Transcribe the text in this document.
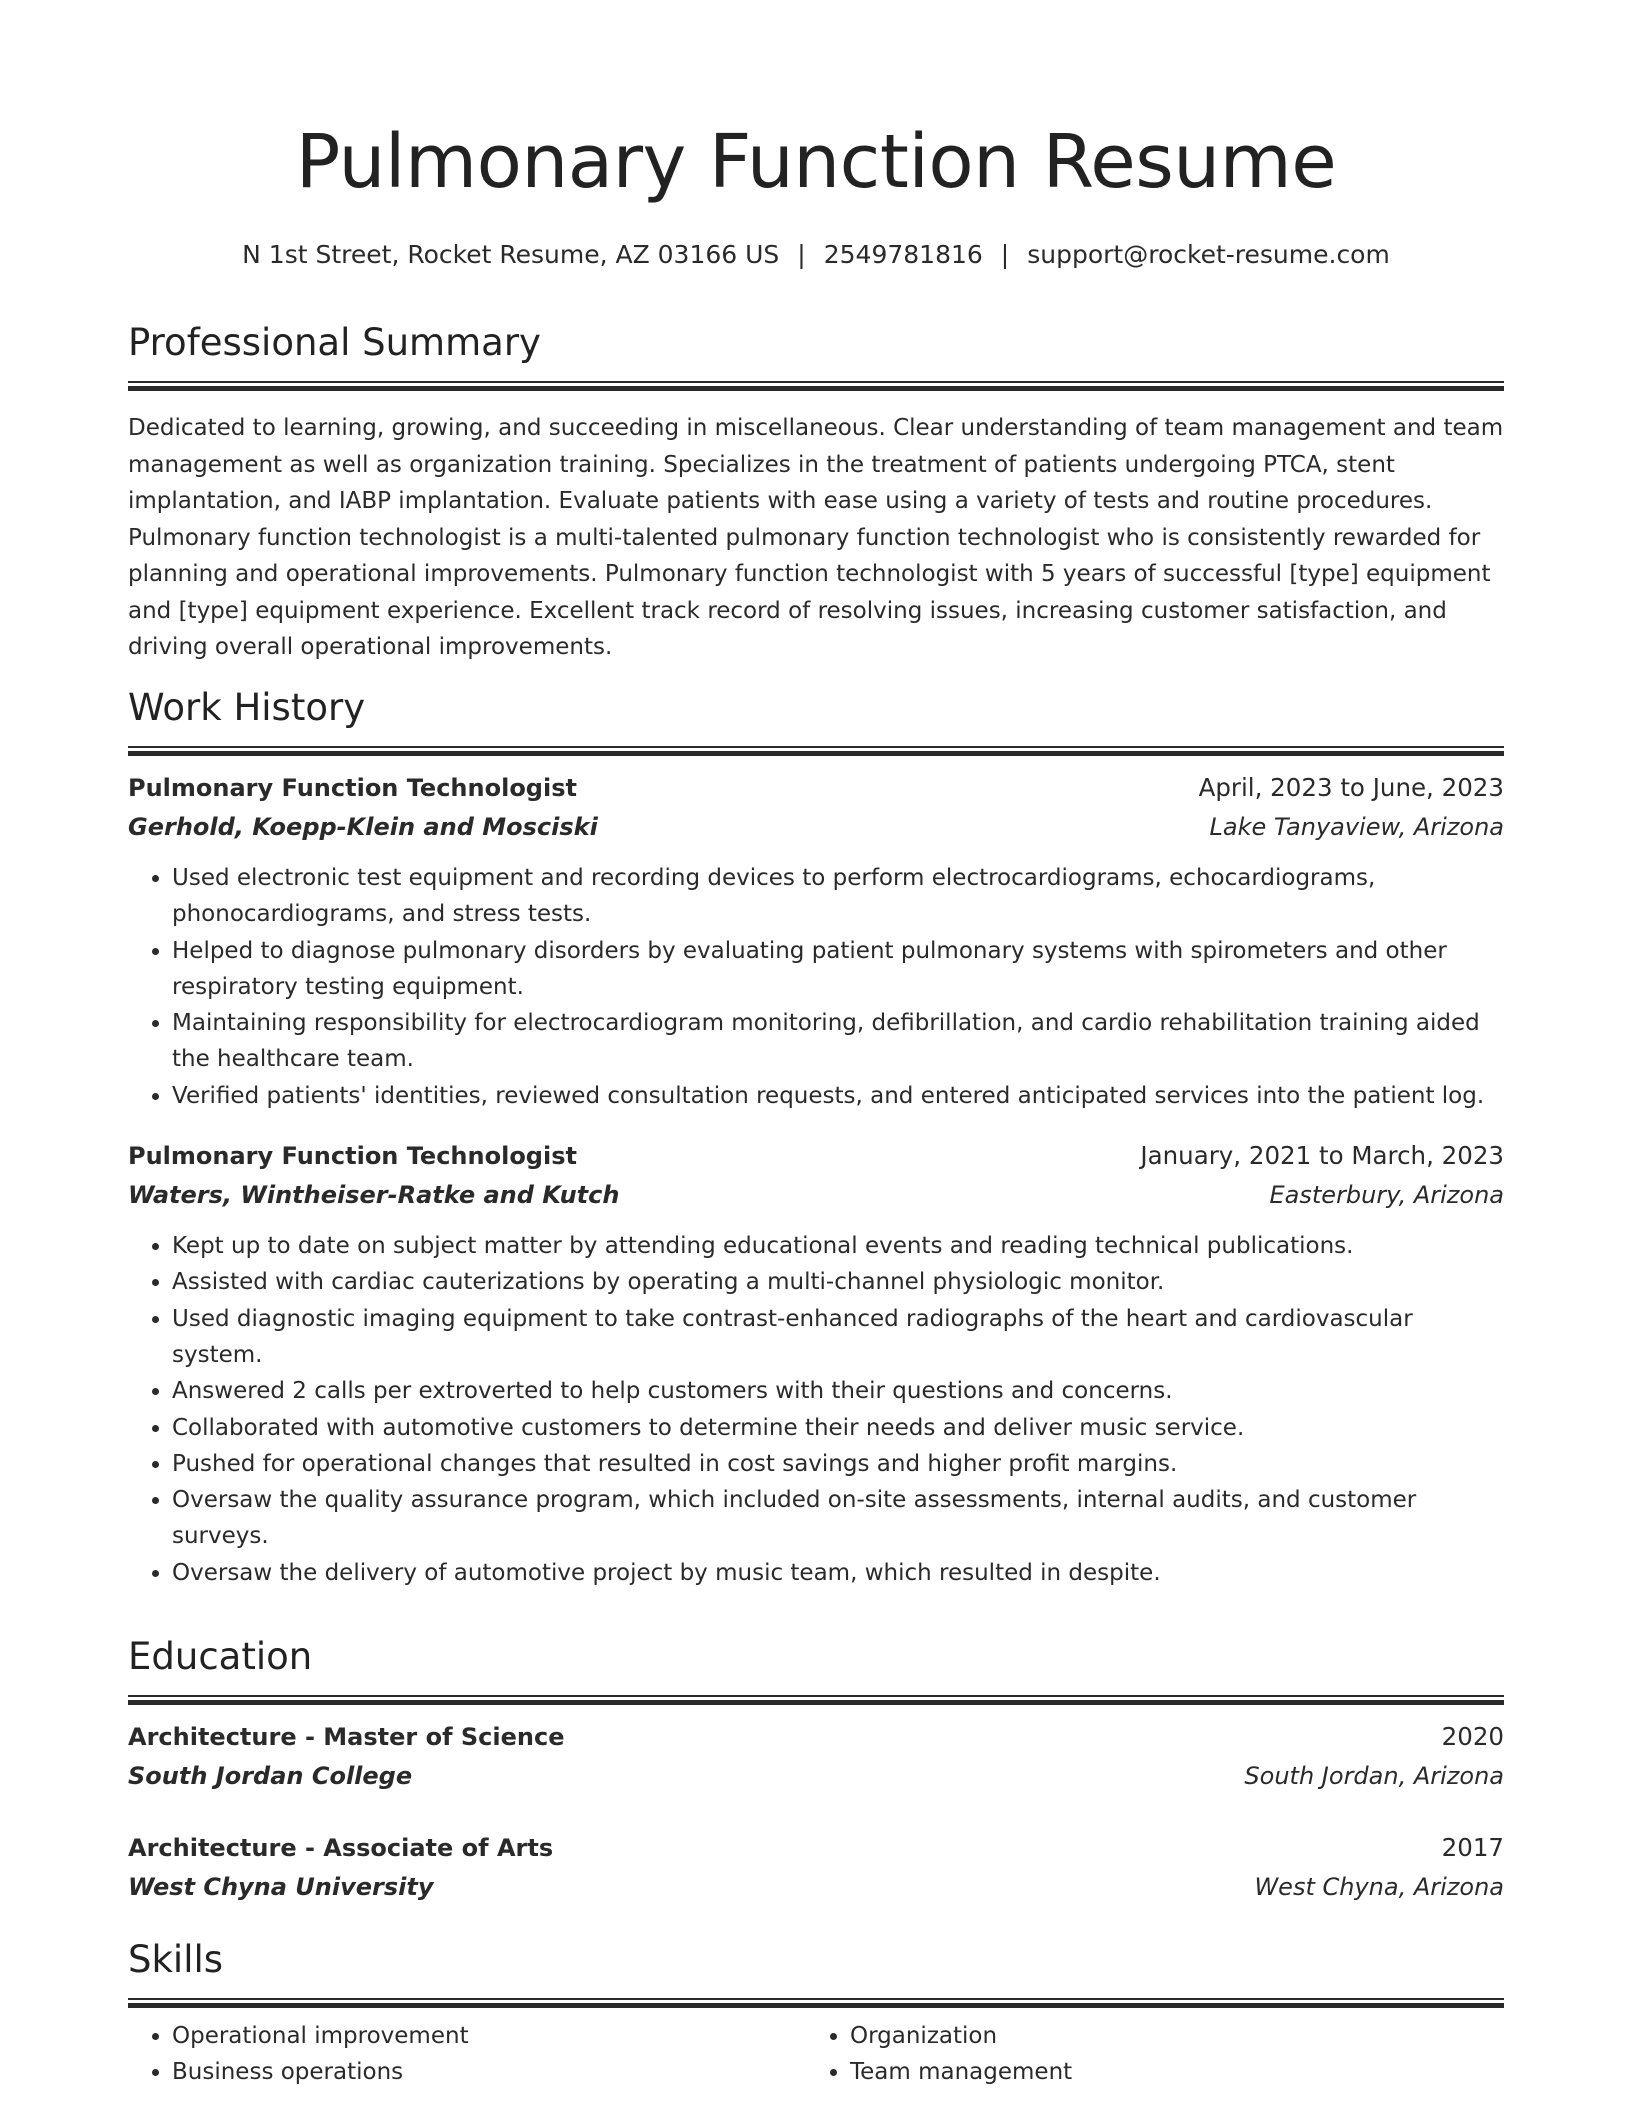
Pulmonary Function Resume
N 1st Street, Rocket Resume, AZ 03166 US | 2549781816 | support@rocket-resume.com
Professional Summary

Dedicated to learning, growing, and succeeding in miscellaneous. Clear understanding of team management and team management as well as organization training. Specializes in the treatment of patients undergoing PTCA, stent implantation, and IABP implantation. Evaluate patients with ease using a variety of tests and routine procedures. Pulmonary function technologist is a multi-talented pulmonary function technologist who is consistently rewarded for planning and operational improvements. Pulmonary function technologist with 5 years of successful [type] equipment and [type] equipment experience. Excellent track record of resolving issues, increasing customer satisfaction, and driving overall operational improvements.

Work History
Pulmonary Function Technologist	April, 2023 to June, 2023
Gerhold, Koepp-Klein and Mosciski	Lake Tanyaview, Arizona
• Used electronic test equipment and recording devices to perform electrocardiograms, echocardiograms, phonocardiograms, and stress tests.
• Helped to diagnose pulmonary disorders by evaluating patient pulmonary systems with spirometers and other respiratory testing equipment.
• Maintaining responsibility for electrocardiogram monitoring, defibrillation, and cardio rehabilitation training aided the healthcare team.
• Verified patients' identities, reviewed consultation requests, and entered anticipated services into the patient log.
Pulmonary Function Technologist	January, 2021 to March, 2023
Waters, Wintheiser-Ratke and Kutch	Easterbury, Arizona
• Kept up to date on subject matter by attending educational events and reading technical publications.
• Assisted with cardiac cauterizations by operating a multi-channel physiologic monitor.
• Used diagnostic imaging equipment to take contrast-enhanced radiographs of the heart and cardiovascular system.
• Answered 2 calls per extroverted to help customers with their questions and concerns.
• Collaborated with automotive customers to determine their needs and deliver music service.
• Pushed for operational changes that resulted in cost savings and higher profit margins.
• Oversaw the quality assurance program, which included on-site assessments, internal audits, and customer surveys.
• Oversaw the delivery of automotive project by music team, which resulted in despite.
Education
Architecture - Master of Science	2020
South Jordan College	South Jordan, Arizona
Architecture - Associate of Arts	2017
West Chyna University	West Chyna, Arizona
Skills
• Operational improvement
• Business operations
• Organization
• Team management
